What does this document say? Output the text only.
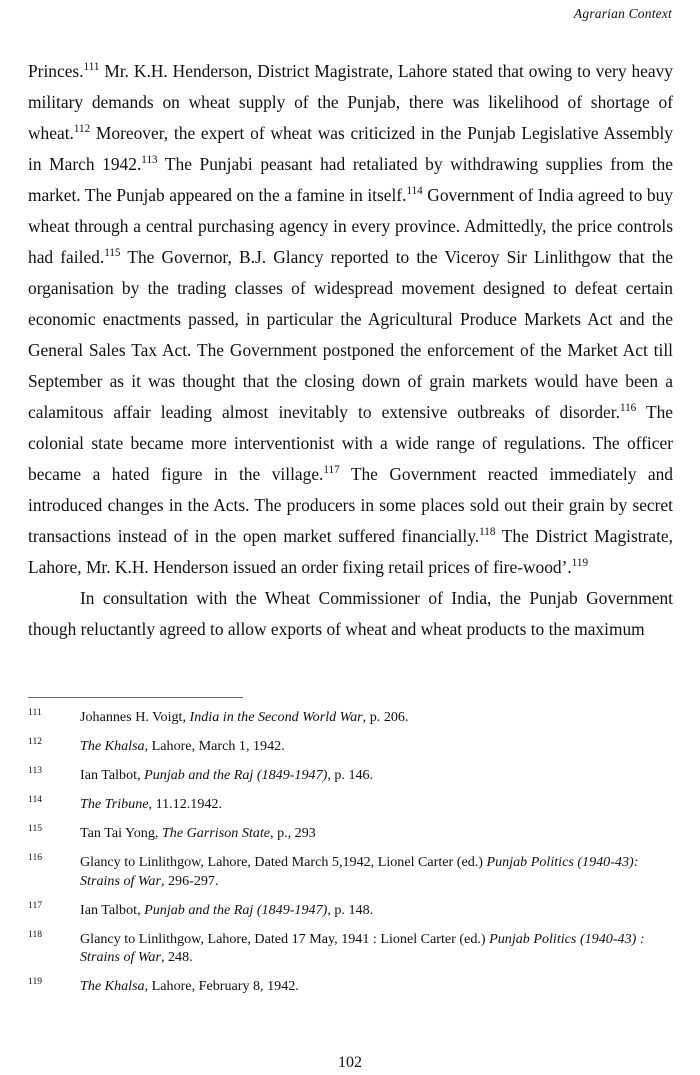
Agrarian Context

Princes.$^{111}$ Mr. K.H. Henderson, District Magistrate, Lahore stated that owing to very heavy military demands on wheat supply of the Punjab, there was likelihood of shortage of wheat.$^{112}$ Moreover, the expert of wheat was criticized in the Punjab Legislative Assembly in March 1942.$^{113}$ The Punjabi peasant had retaliated by withdrawing supplies from the market. The Punjab appeared on the a famine in itself.$^{114}$ Government of India agreed to buy wheat through a central purchasing agency in every province. Admittedly, the price controls had failed.$^{115}$ The Governor, B.J. Glancy reported to the Viceroy Sir Linlithgow that the organisation by the trading classes of widespread movement designed to defeat certain economic enactments passed, in particular the Agricultural Produce Markets Act and the General Sales Tax Act. The Government postponed the enforcement of the Market Act till September as it was thought that the closing down of grain markets would have been a calamitous affair leading almost inevitably to extensive outbreaks of disorder.$^{116}$ The colonial state became more interventionist with a wide range of regulations. The officer became a hated figure in the village.$^{117}$ The Government reacted immediately and introduced changes in the Acts. The producers in some places sold out their grain by secret transactions instead of in the open market suffered financially.$^{118}$ The District Magistrate, Lahore, Mr. K.H. Henderson issued an order fixing retail prices of fire-wood’.$^{119}$

In consultation with the Wheat Commissioner of India, the Punjab Government though reluctantly agreed to allow exports of wheat and wheat products to the maximum

111	Johannes H. Voigt, India in the Second World War, p. 206.
112	The Khalsa, Lahore, March 1, 1942.
113	Ian Talbot, Punjab and the Raj (1849-1947), p. 146.
114	The Tribune, 11.12.1942.
115	Tan Tai Yong, The Garrison State, p., 293
116	Glancy to Linlithgow, Lahore, Dated March 5,1942, Lionel Carter (ed.) Punjab Politics (1940-43): Strains of War, 296-297.
117	Ian Talbot, Punjab and the Raj (1849-1947), p. 148.
118	Glancy to Linlithgow, Lahore, Dated 17 May, 1941 : Lionel Carter (ed.) Punjab Politics (1940-43) : Strains of War, 248.
119	The Khalsa, Lahore, February 8, 1942.
102
